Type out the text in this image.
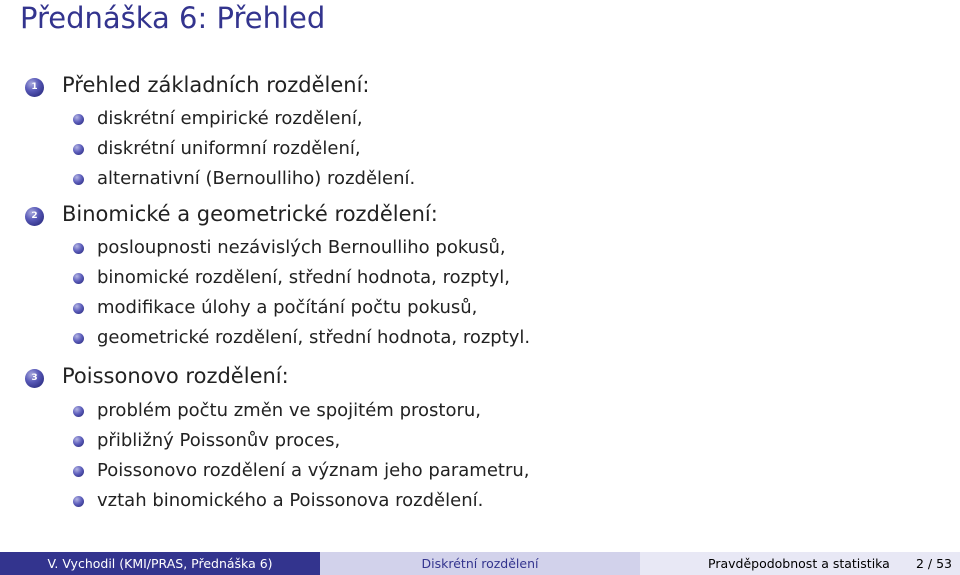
Přednáška 6: Přehled
1	Přehled základních rozdělení:
diskrétní empirické rozdělení,
diskrétní uniformní rozdělení,
alternativní (Bernoulliho) rozdělení.
2	Binomické a geometrické rozdělení:
posloupnosti nezávislých Bernoulliho pokusů,
binomické rozdělení, střední hodnota, rozptyl,
modifikace úlohy a počítání počtu pokusů,
geometrické rozdělení, střední hodnota, rozptyl.
3	Poissonovo rozdělení:
problém počtu změn ve spojitém prostoru,
přibližný Poissonův proces,
Poissonovo rozdělení a význam jeho parametru,
vztah binomického a Poissonova rozdělení.
V. Vychodil (KMI/PRAS, Přednáška 6)	Diskrétní rozdělení	Pravděpodobnost a statistika 2 / 53
